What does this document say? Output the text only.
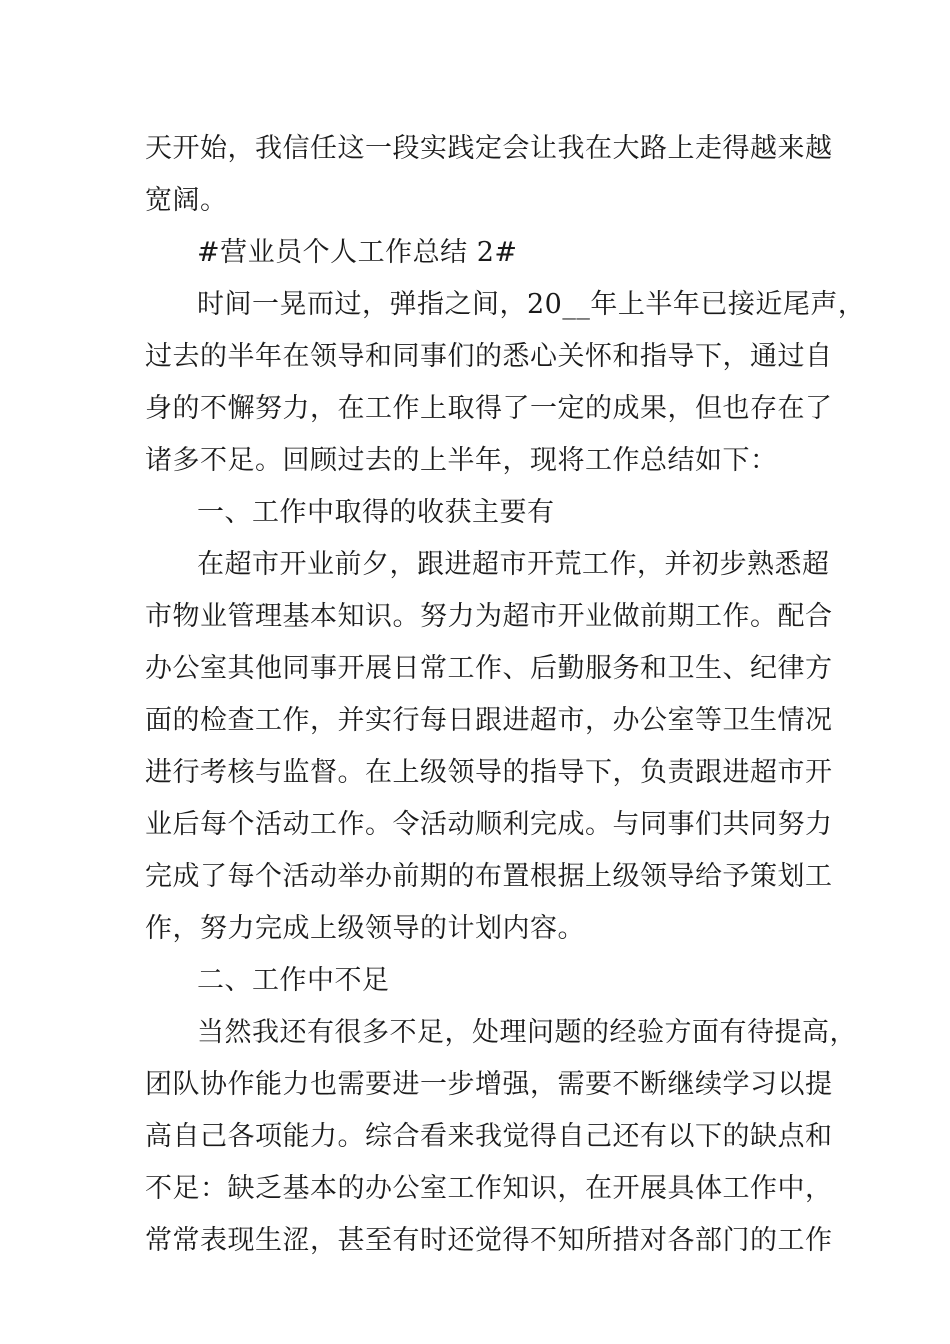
天开始，我信任这一段实践定会让我在大路上走得越来越
宽阔。
#营业员个人工作总结 2#
时间一晃而过，弹指之间，20__年上半年已接近尾声，
过去的半年在领导和同事们的悉心关怀和指导下，通过自
身的不懈努力，在工作上取得了一定的成果，但也存在了
诸多不足。回顾过去的上半年，现将工作总结如下：
一、工作中取得的收获主要有
在超市开业前夕，跟进超市开荒工作，并初步熟悉超
市物业管理基本知识。努力为超市开业做前期工作。配合
办公室其他同事开展日常工作、后勤服务和卫生、纪律方
面的检查工作，并实行每日跟进超市，办公室等卫生情况
进行考核与监督。在上级领导的指导下，负责跟进超市开
业后每个活动工作。令活动顺利完成。与同事们共同努力
完成了每个活动举办前期的布置根据上级领导给予策划工
作，努力完成上级领导的计划内容。
二、工作中不足
当然我还有很多不足，处理问题的经验方面有待提高，
团队协作能力也需要进一步增强，需要不断继续学习以提
高自己各项能力。综合看来我觉得自己还有以下的缺点和
不足：缺乏基本的办公室工作知识，在开展具体工作中，
常常表现生涩，甚至有时还觉得不知所措对各部门的工作
